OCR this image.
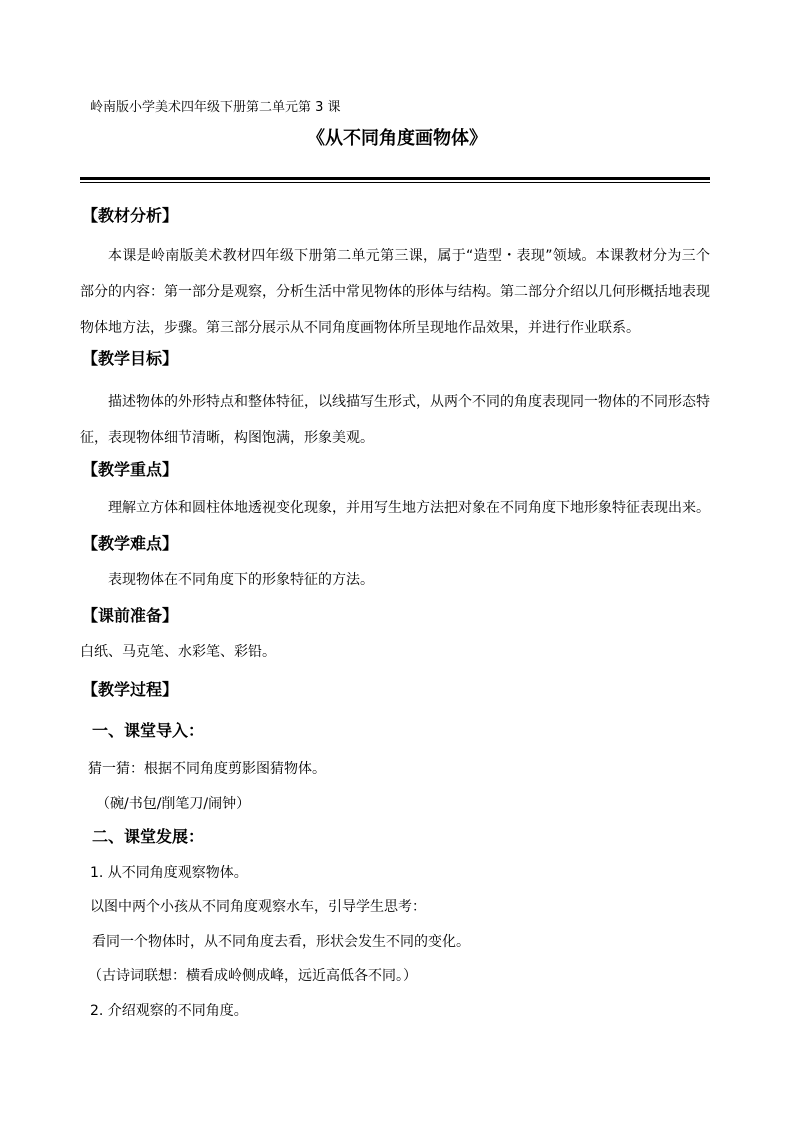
岭南版小学美术四年级下册第二单元第 3 课
《从不同角度画物体》
【教材分析】
本课是岭南版美术教材四年级下册第二单元第三课，属于“造型・表现”领域。本课教材分为三个部分的内容：第一部分是观察，分析生活中常见物体的形体与结构。第二部分介绍以几何形概括地表现物体地方法，步骤。第三部分展示从不同角度画物体所呈现地作品效果，并进行作业联系。
【教学目标】
描述物体的外形特点和整体特征，以线描写生形式，从两个不同的角度表现同一物体的不同形态特征，表现物体细节清晰，构图饱满，形象美观。
【教学重点】
理解立方体和圆柱体地透视变化现象，并用写生地方法把对象在不同角度下地形象特征表现出来。
【教学难点】
表现物体在不同角度下的形象特征的方法。
【课前准备】
白纸、马克笔、水彩笔、彩铅。
【教学过程】
一、课堂导入：
猜一猜：根据不同角度剪影图猜物体。
（碗/书包/削笔刀/闹钟）
二、课堂发展：
1. 从不同角度观察物体。
以图中两个小孩从不同角度观察水车，引导学生思考：
看同一个物体时，从不同角度去看，形状会发生不同的变化。
（古诗词联想：横看成岭侧成峰，远近高低各不同。）
2. 介绍观察的不同角度。
